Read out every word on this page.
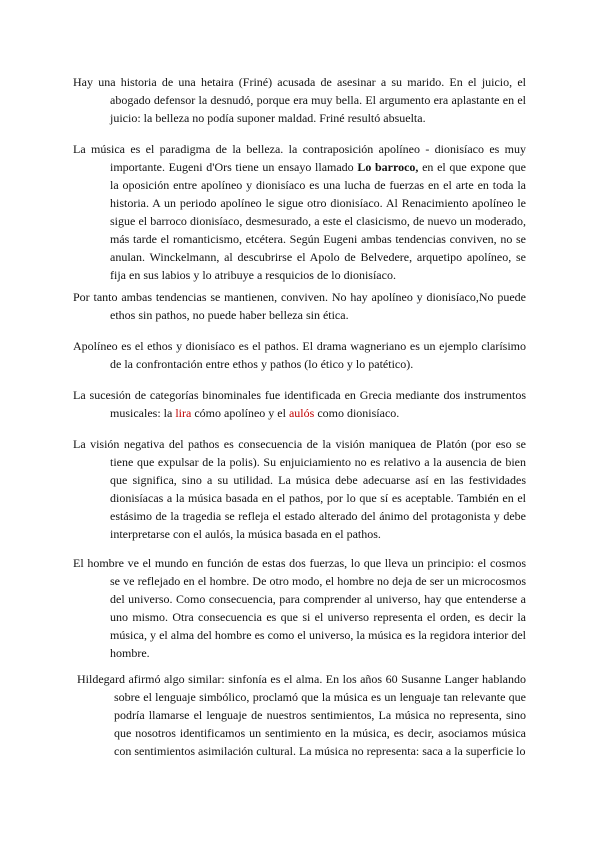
Hay una historia de una hetaira (Friné) acusada de asesinar a su marido. En el juicio, el abogado defensor la desnudó, porque era muy bella. El argumento era aplastante en el juicio: la belleza no podía suponer maldad. Friné resultó absuelta.

La música es el paradigma de la belleza. la contraposición apolíneo - dionisíaco es muy importante. Eugeni d'Ors tiene un ensayo llamado Lo barroco, en el que expone que la oposición entre apolíneo y dionisíaco es una lucha de fuerzas en el arte en toda la historia. A un periodo apolíneo le sigue otro dionisíaco. Al Renacimiento apolíneo le sigue el barroco dionisíaco, desmesurado, a este el clasicismo, de nuevo un moderado, más tarde el romanticismo, etcétera. Según Eugeni ambas tendencias conviven, no se anulan. Winckelmann, al descubrirse el Apolo de Belvedere, arquetipo apolíneo, se fija en sus labios y lo atribuye a resquicios de lo dionisíaco.

Por tanto ambas tendencias se mantienen, conviven. No hay apolíneo y dionisíaco,No puede ethos sin pathos, no puede haber belleza sin ética.

Apolíneo es el ethos y dionisíaco es el pathos. El drama wagneriano es un ejemplo clarísimo de la confrontación entre ethos y pathos (lo ético y lo patético).

La sucesión de categorías binominales fue identificada en Grecia mediante dos instrumentos musicales: la lira cómo apolíneo y el aulós como dionisíaco.

La visión negativa del pathos es consecuencia de la visión maniquea de Platón (por eso se tiene que expulsar de la polis). Su enjuiciamiento no es relativo a la ausencia de bien que significa, sino a su utilidad. La música debe adecuarse así en las festividades dionisíacas a la música basada en el pathos, por lo que sí es aceptable. También en el estásimo de la tragedia se refleja el estado alterado del ánimo del protagonista y debe interpretarse con el aulós, la música basada en el pathos.

El hombre ve el mundo en función de estas dos fuerzas, lo que lleva un principio: el cosmos se ve reflejado en el hombre. De otro modo, el hombre no deja de ser un microcosmos del universo. Como consecuencia, para comprender al universo, hay que entenderse a uno mismo. Otra consecuencia es que si el universo representa el orden, es decir la música, y el alma del hombre es como el universo, la música es la regidora interior del hombre.

Hildegard afirmó algo similar: sinfonía es el alma. En los años 60 Susanne Langer hablando sobre el lenguaje simbólico, proclamó que la música es un lenguaje tan relevante que podría llamarse el lenguaje de nuestros sentimientos, La música no representa, sino que nosotros identificamos un sentimiento en la música, es decir, asociamos música con sentimientos asimilación cultural. La música no representa: saca a la superficie lo
